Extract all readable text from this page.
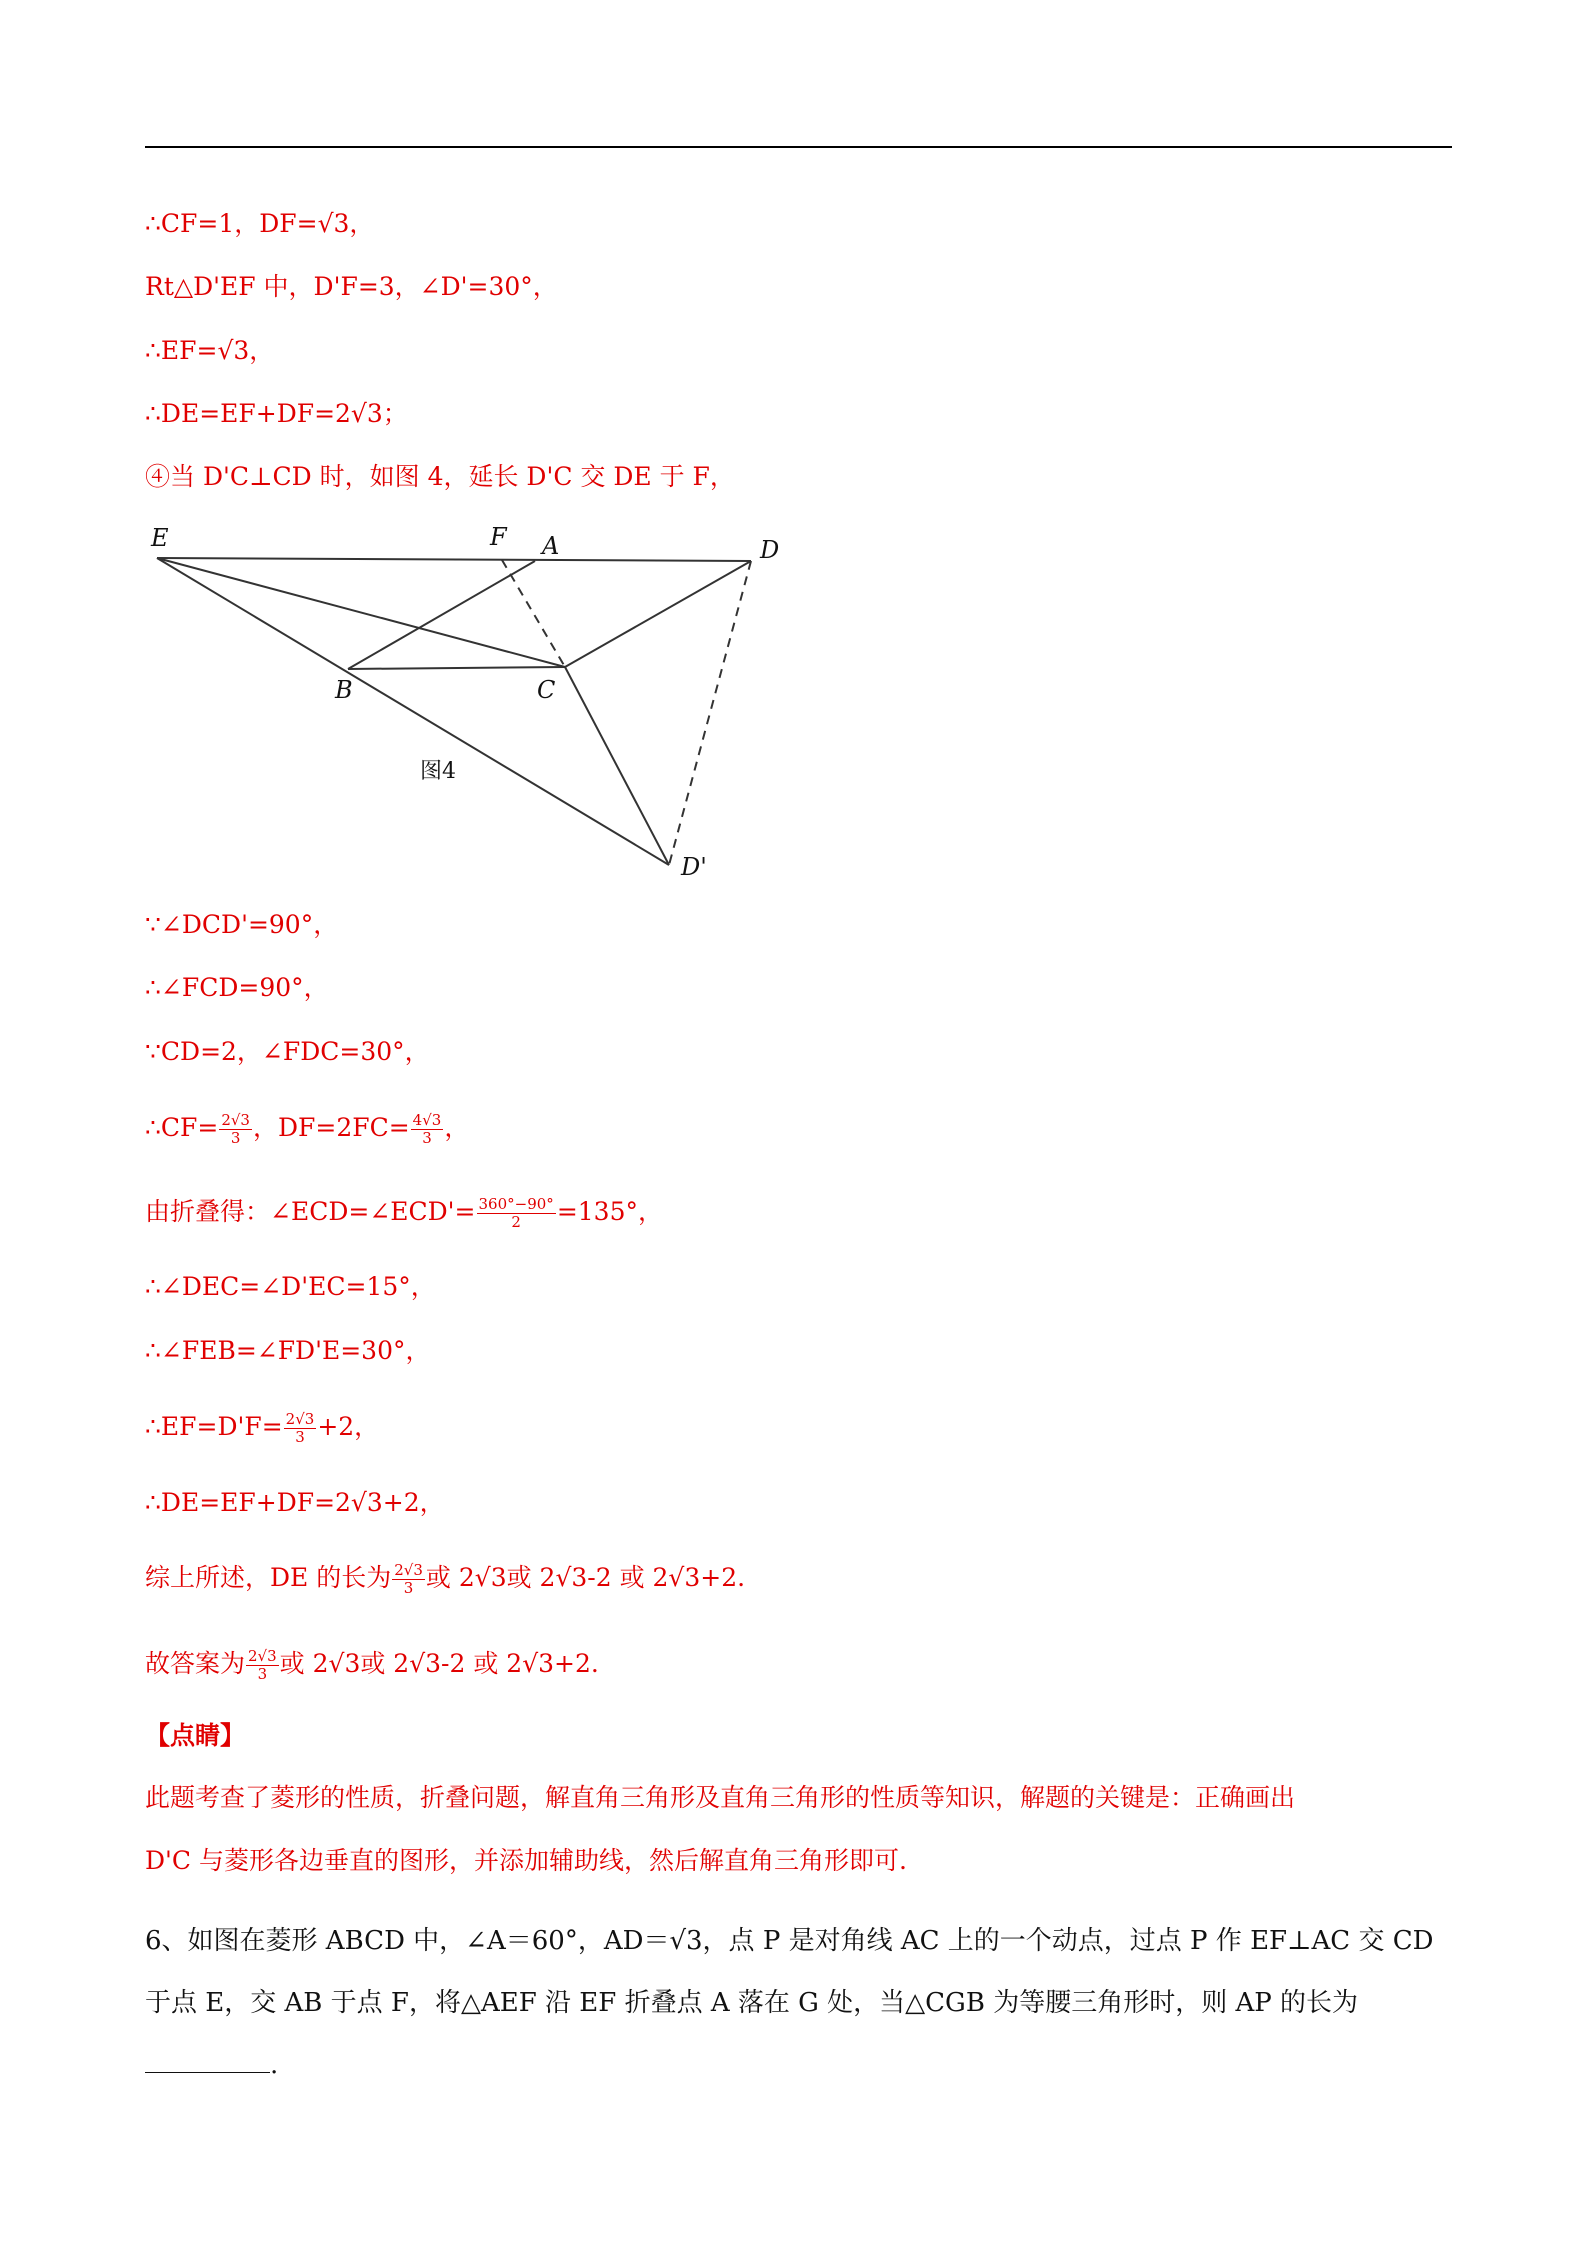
∴CF=1，DF=√3，
Rt△D'EF 中，D'F=3，∠D'=30°，
∴EF=√3，
∴DE=EF+DF=2√3；
④当 D'C⊥CD 时，如图 4，延长 D'C 交 DE 于 F，
E	F A	D
B	C
D'
图4
∵∠DCD'=90°，
∴∠FCD=90°，
∵CD=2，∠FDC=30°，
∴CF= $\frac{2√3}{3}$ ，$DF=2FC= \frac{4√3}{3}$ ，
由折叠得：∠ECD=∠ECD'= $\frac{360^\circ-90^\circ}{2} =135^\circ$，
∴∠DEC=∠D'EC=15°，
∴∠FEB=∠FD'E=30°，
∴EF=D'F= $\frac{2√3}{3} +2$，
∴DE=EF+DF=2√3+2，
综上所述，DE 的长为 $\frac{2√3}{3}$ 或 2√3或 2√3-2 或 2√3+2.
故答案为 $\frac{2√3}{3}$ 或 2√3或 2√3-2 或 2√3+2.
【点睛】
此题考查了菱形的性质，折叠问题，解直角三角形及直角三角形的性质等知识，解题的关键是：正确画出
D'C 与菱形各边垂直的图形，并添加辅助线，然后解直角三角形即可.
6、如图在菱形 ABCD 中，∠A＝60°，AD＝√3，点 P 是对角线 AC 上的一个动点，过点 P 作 EF⊥AC 交 CD
于点 E，交 AB 于点 F，将△AEF 沿 EF 折叠点 A 落在 G 处，当△CGB 为等腰三角形时，则 AP 的长为.
